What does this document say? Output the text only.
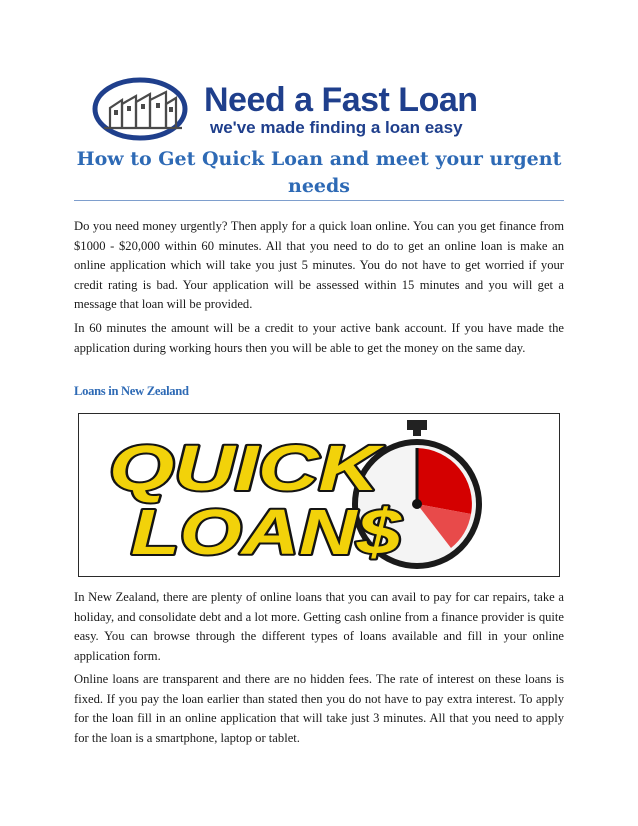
Need a Fast Loan
we've made finding a loan easy
How to Get Quick Loan and meet your urgent needs

Do you need money urgently? Then apply for a quick loan online. You can you get finance from $1000 - $20,000 within 60 minutes. All that you need to do to get an online loan is make an online application which will take you just 5 minutes. You do not have to get worried if your credit rating is bad. Your application will be assessed within 15 minutes and you will get a message that loan will be provided.

In 60 minutes the amount will be a credit to your active bank account. If you have made the application during working hours then you will be able to get the money on the same day.

Loans in New Zealand
QUICK
LOAN$

In New Zealand, there are plenty of online loans that you can avail to pay for car repairs, take a holiday, and consolidate debt and a lot more. Getting cash online from a finance provider is quite easy. You can browse through the different types of loans available and fill in your online application form.

Online loans are transparent and there are no hidden fees. The rate of interest on these loans is fixed. If you pay the loan earlier than stated then you do not have to pay extra interest. To apply for the loan fill in an online application that will take just 3 minutes. All that you need to apply for the loan is a smartphone, laptop or tablet.
